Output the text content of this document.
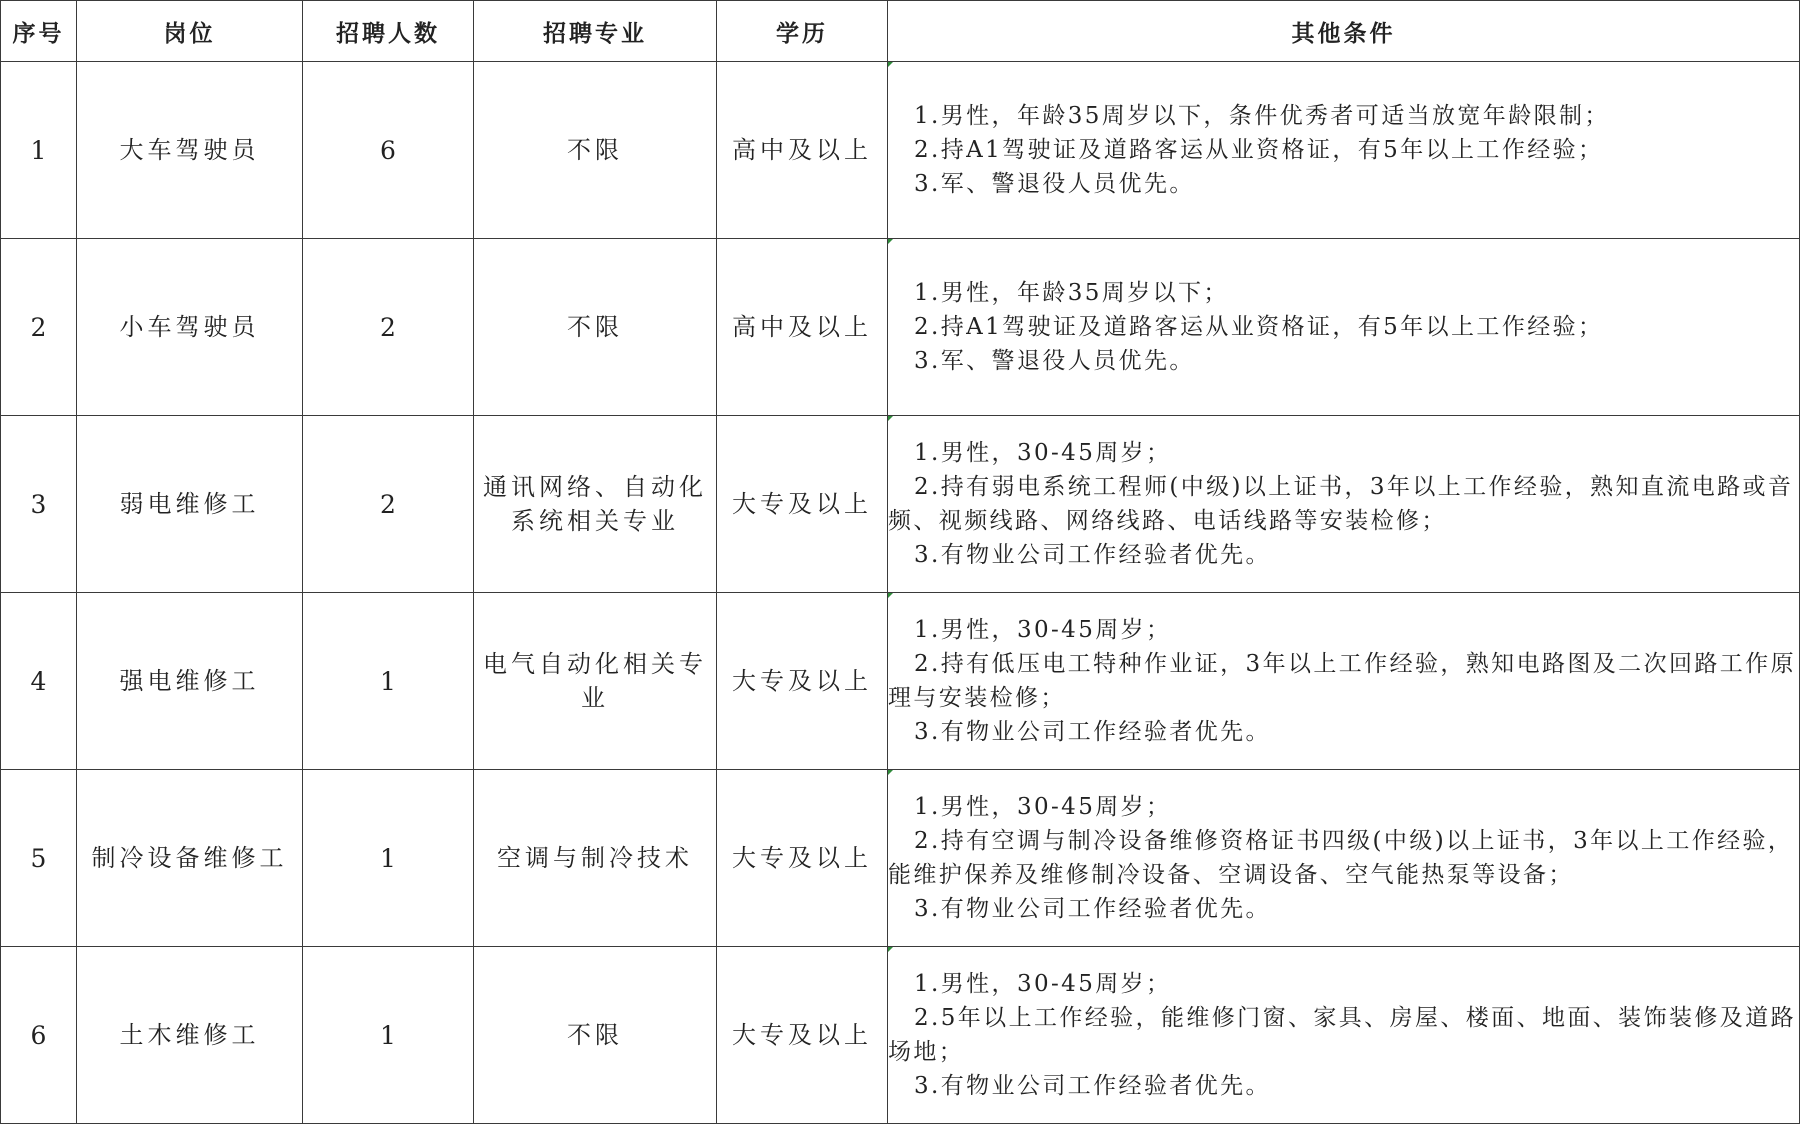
序号	岗位	招聘人数	招聘专业	学历	其他条件
1	大车驾驶员	6	不限	高中及以上	1.男性，年龄35周岁以下，条件优秀者可适当放宽年龄限制；
2.持A1驾驶证及道路客运从业资格证，有5年以上工作经验；
3.军、警退役人员优先。

2	小车驾驶员	2	不限	高中及以上	1.男性，年龄35周岁以下；
2.持A1驾驶证及道路客运从业资格证，有5年以上工作经验；
3.军、警退役人员优先。

3	弱电维修工	2	通讯网络、自动化系统相关专业	大专及以上	1.男性，30-45周岁；
2.持有弱电系统工程师(中级)以上证书，3年以上工作经验，熟知直流电路或音频、视频线路、网络线路、电话线路等安装检修；
3.有物业公司工作经验者优先。

4	强电维修工	1	电气自动化相关专业	大专及以上	1.男性，30-45周岁；
2.持有低压电工特种作业证，3年以上工作经验，熟知电路图及二次回路工作原理与安装检修；
3.有物业公司工作经验者优先。

5	制冷设备维修工	1	空调与制冷技术	大专及以上	1.男性，30-45周岁；
2.持有空调与制冷设备维修资格证书四级(中级)以上证书，3年以上工作经验，能维护保养及维修制冷设备、空调设备、空气能热泵等设备；
3.有物业公司工作经验者优先。

6	土木维修工	1	不限	大专及以上	1.男性，30-45周岁；
2.5年以上工作经验，能维修门窗、家具、房屋、楼面、地面、装饰装修及道路场地；
3.有物业公司工作经验者优先。
